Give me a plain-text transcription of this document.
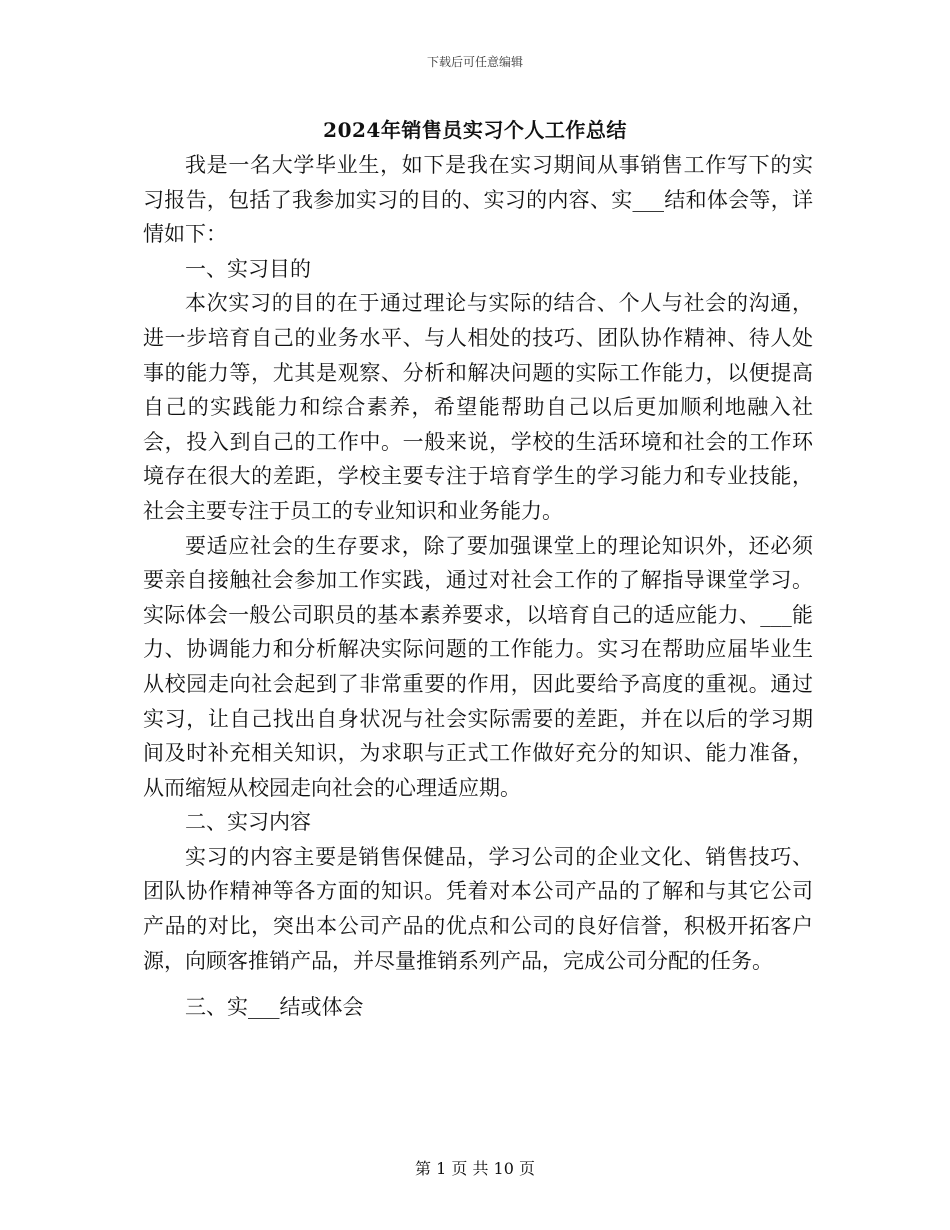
下载后可任意编辑
2024年销售员实习个人工作总结

我是一名大学毕业生，如下是我在实习期间从事销售工作写下的实习报告，包括了我参加实习的目的、实习的内容、实___结和体会等，详情如下：

一、实习目的

本次实习的目的在于通过理论与实际的结合、个人与社会的沟通，进一步培育自己的业务水平、与人相处的技巧、团队协作精神、待人处事的能力等，尤其是观察、分析和解决问题的实际工作能力，以便提高自己的实践能力和综合素养，希望能帮助自己以后更加顺利地融入社会，投入到自己的工作中。一般来说，学校的生活环境和社会的工作环境存在很大的差距，学校主要专注于培育学生的学习能力和专业技能，社会主要专注于员工的专业知识和业务能力。

要适应社会的生存要求，除了要加强课堂上的理论知识外，还必须要亲自接触社会参加工作实践，通过对社会工作的了解指导课堂学习。实际体会一般公司职员的基本素养要求，以培育自己的适应能力、___能力、协调能力和分析解决实际问题的工作能力。实习在帮助应届毕业生从校园走向社会起到了非常重要的作用，因此要给予高度的重视。通过实习，让自己找出自身状况与社会实际需要的差距，并在以后的学习期间及时补充相关知识，为求职与正式工作做好充分的知识、能力准备，从而缩短从校园走向社会的心理适应期。

二、实习内容

实习的内容主要是销售保健品，学习公司的企业文化、销售技巧、团队协作精神等各方面的知识。凭着对本公司产品的了解和与其它公司产品的对比，突出本公司产品的优点和公司的良好信誉，积极开拓客户源，向顾客推销产品，并尽量推销系列产品，完成公司分配的任务。

三、实___结或体会

第 1 页 共 10 页
